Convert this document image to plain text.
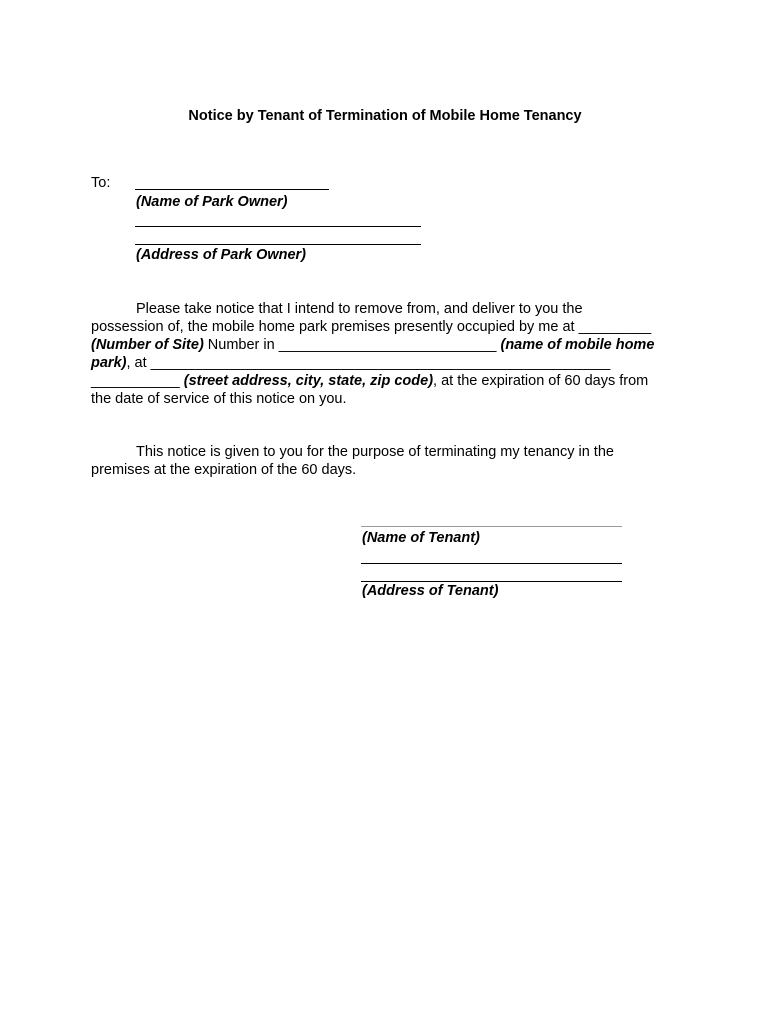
Notice by Tenant of Termination of Mobile Home Tenancy
To:
(Name of Park Owner)
(Address of Park Owner)
Please take notice that I intend to remove from, and deliver to you the
possession of, the mobile home park premises presently occupied by me at _________
(Number of Site) Number in ___________________________ (name of mobile home
park), at _________________________________________________________
___________ (street address, city, state, zip code), at the expiration of 60 days from
the date of service of this notice on you.
This notice is given to you for the purpose of terminating my tenancy in the
premises at the expiration of the 60 days.
(Name of Tenant)
(Address of Tenant)
